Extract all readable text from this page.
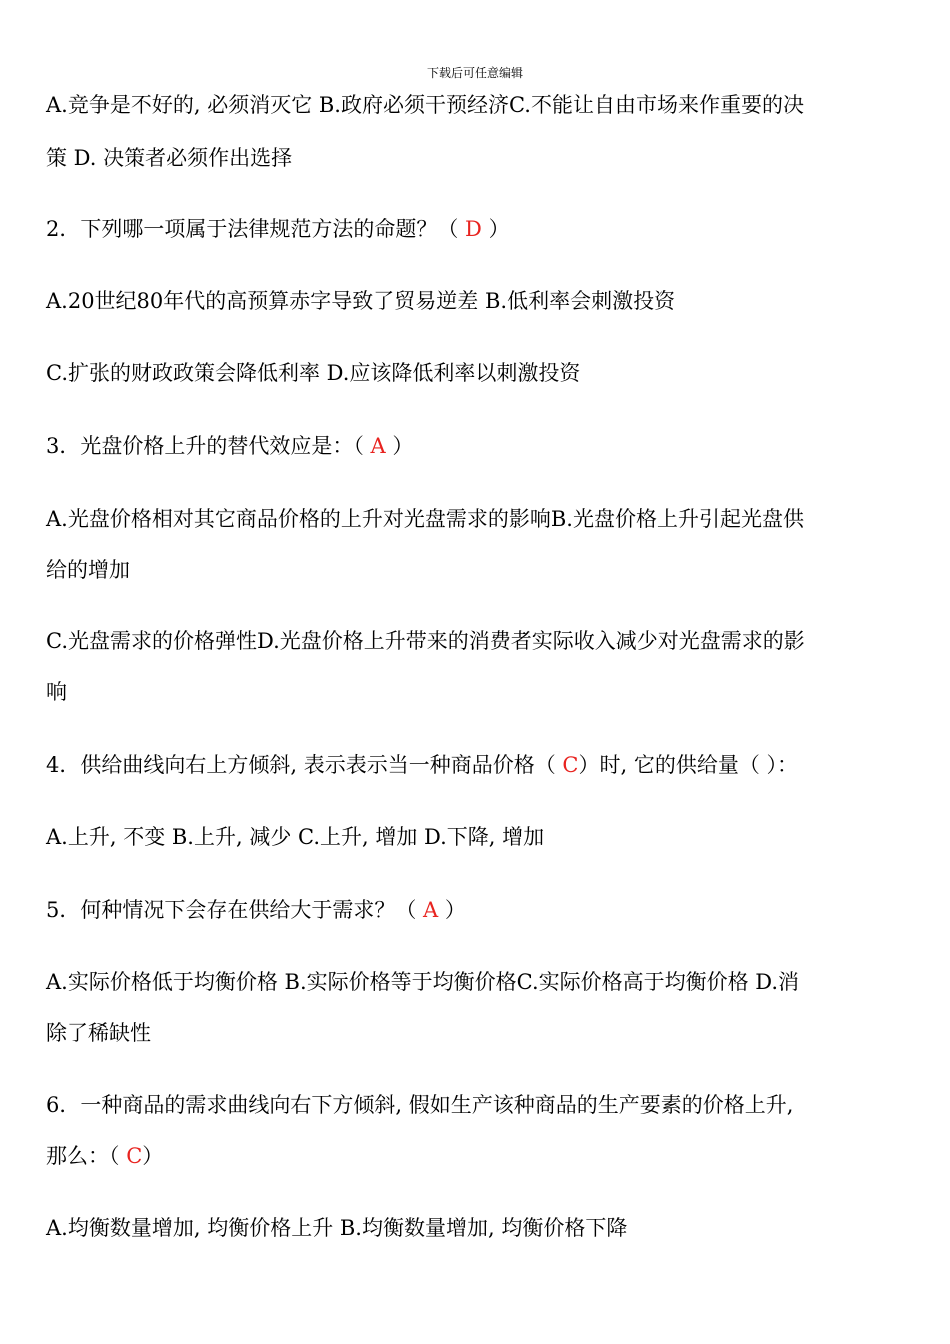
下载后可任意编辑
A.竞争是不好的, 必须消灭它 B.政府必须干预经济C.不能让自由市场来作重要的决
策 D. 决策者必须作出选择
2．下列哪一项属于法律规范方法的命题？（ D ）
A.20世纪80年代的高预算赤字导致了贸易逆差 B.低利率会刺激投资
C.扩张的财政政策会降低利率 D.应该降低利率以刺激投资
3．光盘价格上升的替代效应是：（ A ）
A.光盘价格相对其它商品价格的上升对光盘需求的影响B.光盘价格上升引起光盘供
给的增加
C.光盘需求的价格弹性D.光盘价格上升带来的消费者实际收入减少对光盘需求的影
响
4．供给曲线向右上方倾斜, 表示表示当一种商品价格（ C）时, 它的供给量（ ）：
A.上升, 不变 B.上升, 减少 C.上升, 增加 D.下降, 增加
5．何种情况下会存在供给大于需求？（ A ）
A.实际价格低于均衡价格 B.实际价格等于均衡价格C.实际价格高于均衡价格 D.消
除了稀缺性
6．一种商品的需求曲线向右下方倾斜, 假如生产该种商品的生产要素的价格上升,
那么：（ C）
A.均衡数量增加, 均衡价格上升 B.均衡数量增加, 均衡价格下降
